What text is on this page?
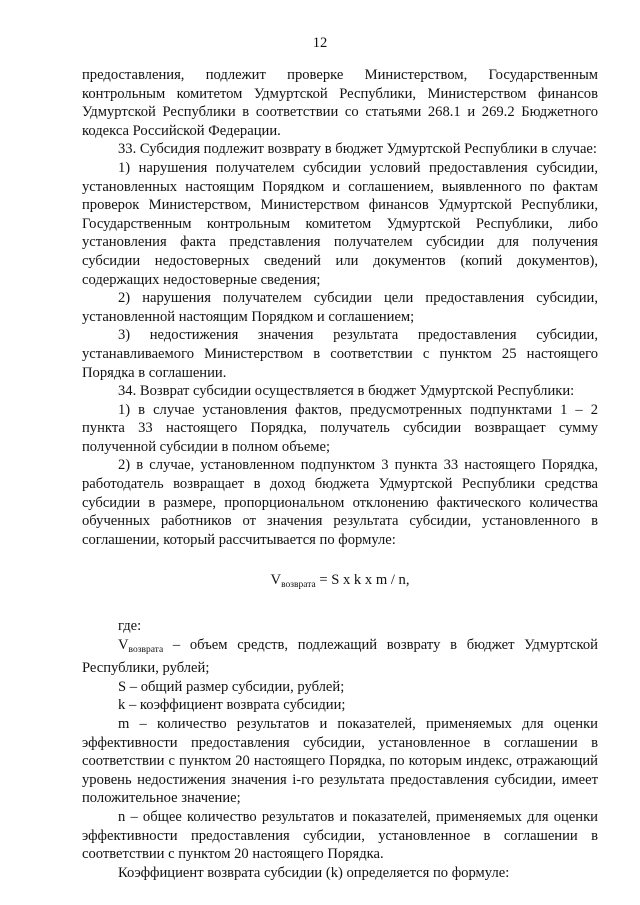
12

предоставления, подлежит проверке Министерством, Государственным контрольным комитетом Удмуртской Республики, Министерством финансов Удмуртской Республики в соответствии со статьями 268.1 и 269.2 Бюджетного кодекса Российской Федерации.

33. Субсидия подлежит возврату в бюджет Удмуртской Республики в случае:

1) нарушения получателем субсидии условий предоставления субсидии, установленных настоящим Порядком и соглашением, выявленного по фактам проверок Министерством, Министерством финансов Удмуртской Республики, Государственным контрольным комитетом Удмуртской Республики, либо установления факта представления получателем субсидии для получения субсидии недостоверных сведений или документов (копий документов), содержащих недостоверные сведения;

2) нарушения получателем субсидии цели предоставления субсидии, установленной настоящим Порядком и соглашением;

3) недостижения значения результата предоставления субсидии, устанавливаемого Министерством в соответствии с пунктом 25 настоящего Порядка в соглашении.

34. Возврат субсидии осуществляется в бюджет Удмуртской Республики:

1) в случае установления фактов, предусмотренных подпунктами 1 – 2 пункта 33 настоящего Порядка, получатель субсидии возвращает сумму полученной субсидии в полном объеме;

2) в случае, установленном подпунктом 3 пункта 33 настоящего Порядка, работодатель возвращает в доход бюджета Удмуртской Республики средства субсидии в размере, пропорциональном отклонению фактического количества обученных работников от значения результата субсидии, установленного в соглашении, который рассчитывается по формуле:

$V_{возврата} = S$ x k x m / n,

где:

$V_{возврата}$ – объем средств, подлежащий возврату в бюджет Удмуртской Республики, рублей;

S – общий размер субсидии, рублей;

k – коэффициент возврата субсидии;

m – количество результатов и показателей, применяемых для оценки эффективности предоставления субсидии, установленное в соглашении в соответствии с пунктом 20 настоящего Порядка, по которым индекс, отражающий уровень недостижения значения i-го результата предоставления субсидии, имеет положительное значение;

n – общее количество результатов и показателей, применяемых для оценки эффективности предоставления субсидии, установленное в соглашении в соответствии с пунктом 20 настоящего Порядка.

Коэффициент возврата субсидии (k) определяется по формуле:
